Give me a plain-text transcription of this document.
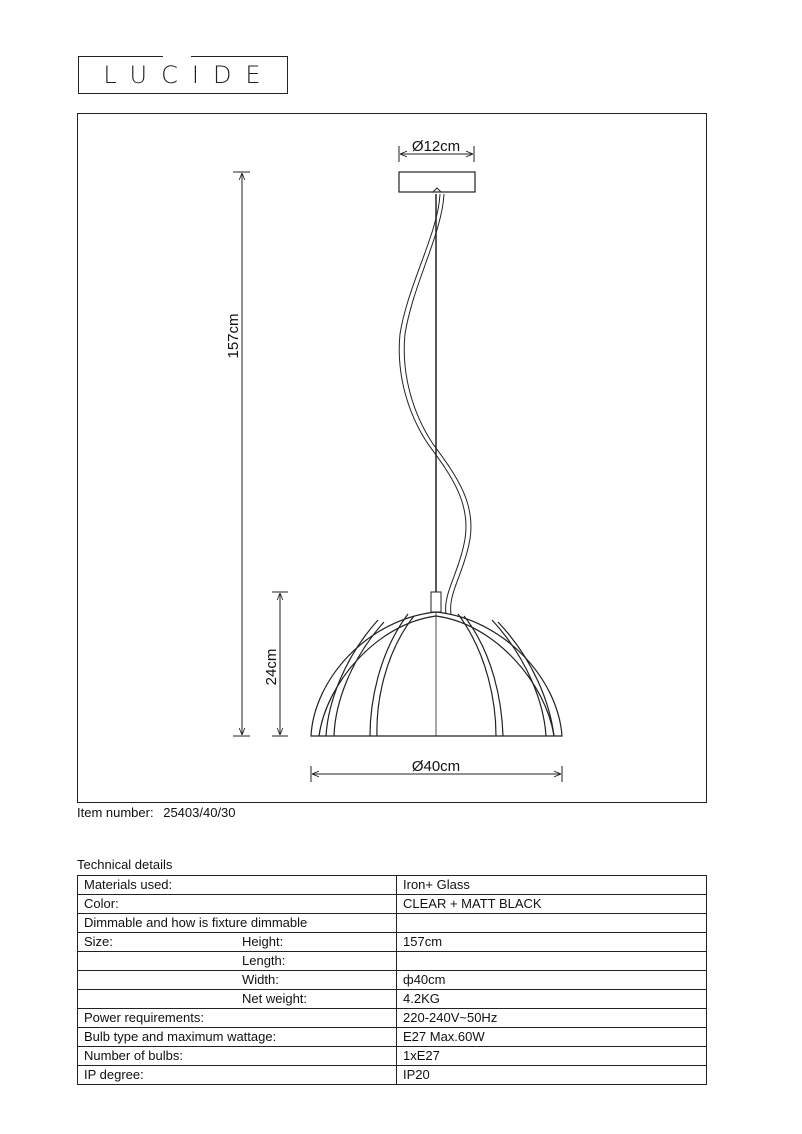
LUCIDE
Ø12cm
157cm
24cm
Ø40cm
Item number: 25403/40/30
Technical details
Materials used:		Iron+ Glass
Color:		CLEAR + MATT BLACK
Dimmable and how is fixture dimmable		
Size:	Height:	157cm
	Length:	
	Width:	ф40cm
	Net weight:	4.2KG
Power requirements:		220-240V~50Hz
Bulb type and maximum wattage:		E27 Max.60W
Number of bulbs:		1xE27
IP degree:		IP20
